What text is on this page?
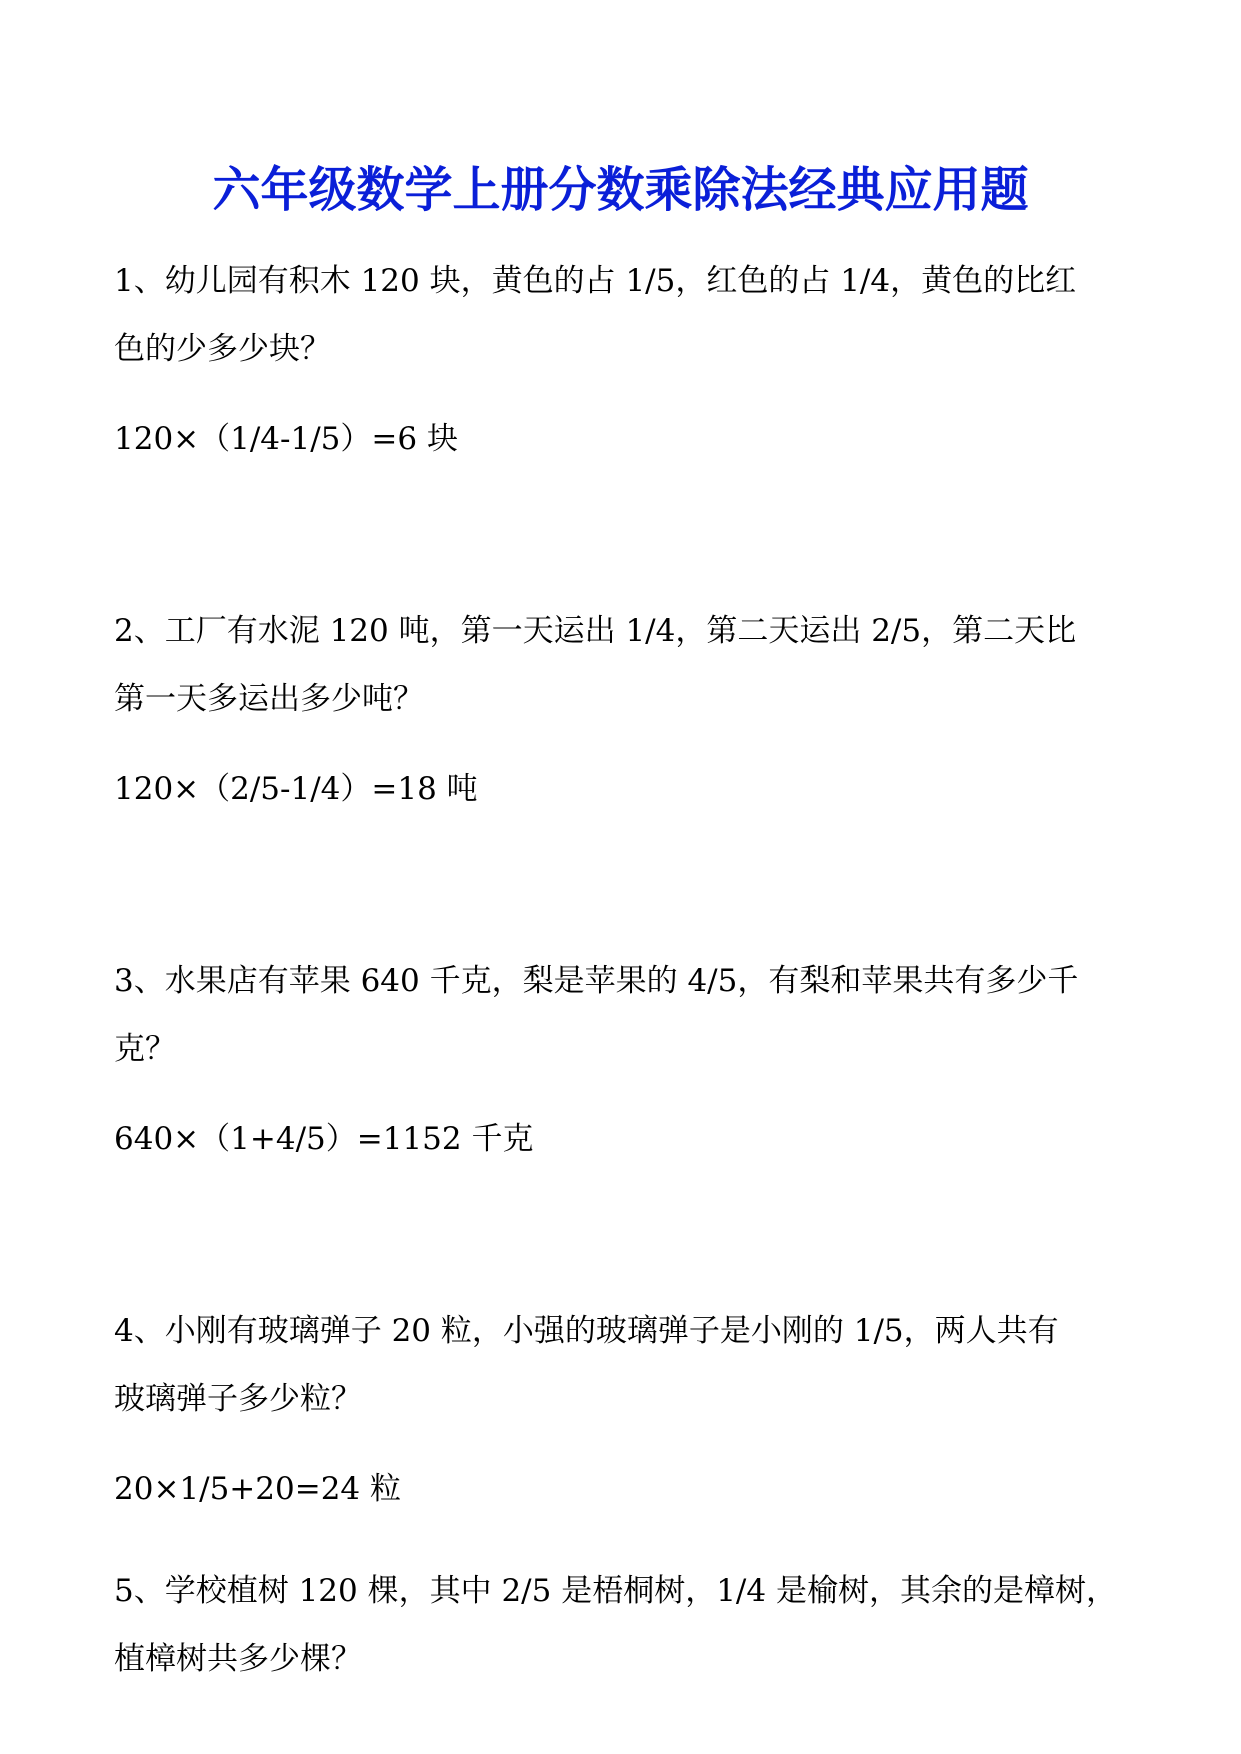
六年级数学上册分数乘除法经典应用题
1、幼儿园有积木 120 块，黄色的占 1/5，红色的占 1/4，黄色的比红
色的少多少块？
120×（1/4-1/5）=6 块
2、工厂有水泥 120 吨，第一天运出 1/4，第二天运出 2/5，第二天比
第一天多运出多少吨？
120×（2/5-1/4）=18 吨
3、水果店有苹果 640 千克，梨是苹果的 4/5，有梨和苹果共有多少千
克？
640×（1+4/5）=1152 千克
4、小刚有玻璃弹子 20 粒，小强的玻璃弹子是小刚的 1/5，两人共有
玻璃弹子多少粒？
20×1/5+20=24 粒
5、学校植树 120 棵，其中 2/5 是梧桐树，1/4 是榆树，其余的是樟树，
植樟树共多少棵？
